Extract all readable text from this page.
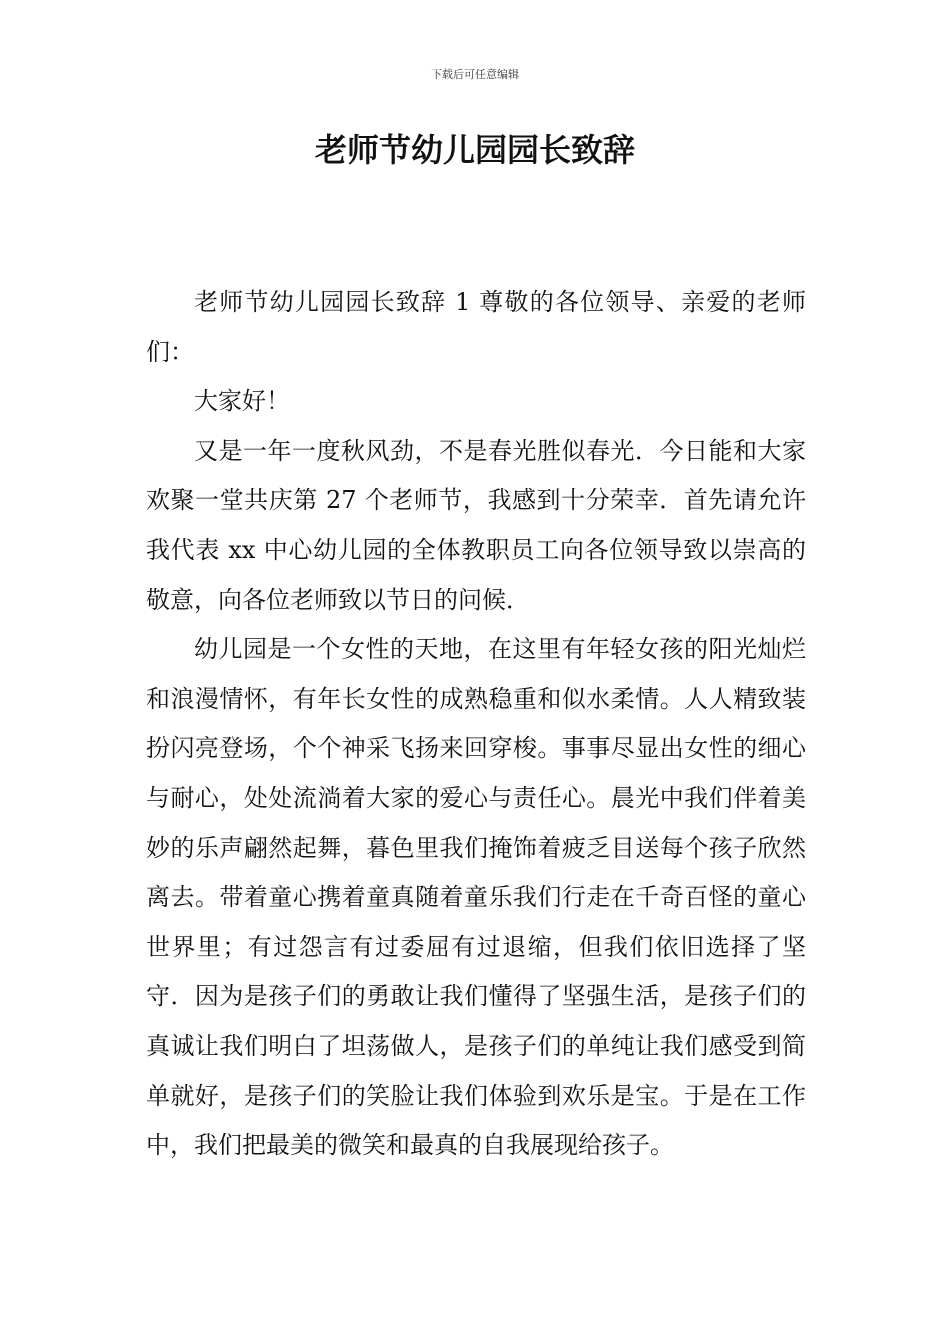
下载后可任意编辑
老师节幼儿园园长致辞

老师节幼儿园园长致辞 1 尊敬的各位领导、亲爱的老师们：

大家好！

又是一年一度秋风劲，不是春光胜似春光．今日能和大家欢聚一堂共庆第 27 个老师节，我感到十分荣幸．首先请允许我代表 xx 中心幼儿园的全体教职员工向各位领导致以崇高的敬意，向各位老师致以节日的问候．

幼儿园是一个女性的天地，在这里有年轻女孩的阳光灿烂和浪漫情怀，有年长女性的成熟稳重和似水柔情。人人精致装扮闪亮登场，个个神采飞扬来回穿梭。事事尽显出女性的细心与耐心，处处流淌着大家的爱心与责任心。晨光中我们伴着美妙的乐声翩然起舞，暮色里我们掩饰着疲乏目送每个孩子欣然离去。带着童心携着童真随着童乐我们行走在千奇百怪的童心世界里；有过怨言有过委屈有过退缩，但我们依旧选择了坚守．因为是孩子们的勇敢让我们懂得了坚强生活，是孩子们的真诚让我们明白了坦荡做人，是孩子们的单纯让我们感受到简单就好，是孩子们的笑脸让我们体验到欢乐是宝。于是在工作中，我们把最美的微笑和最真的自我展现给孩子。
